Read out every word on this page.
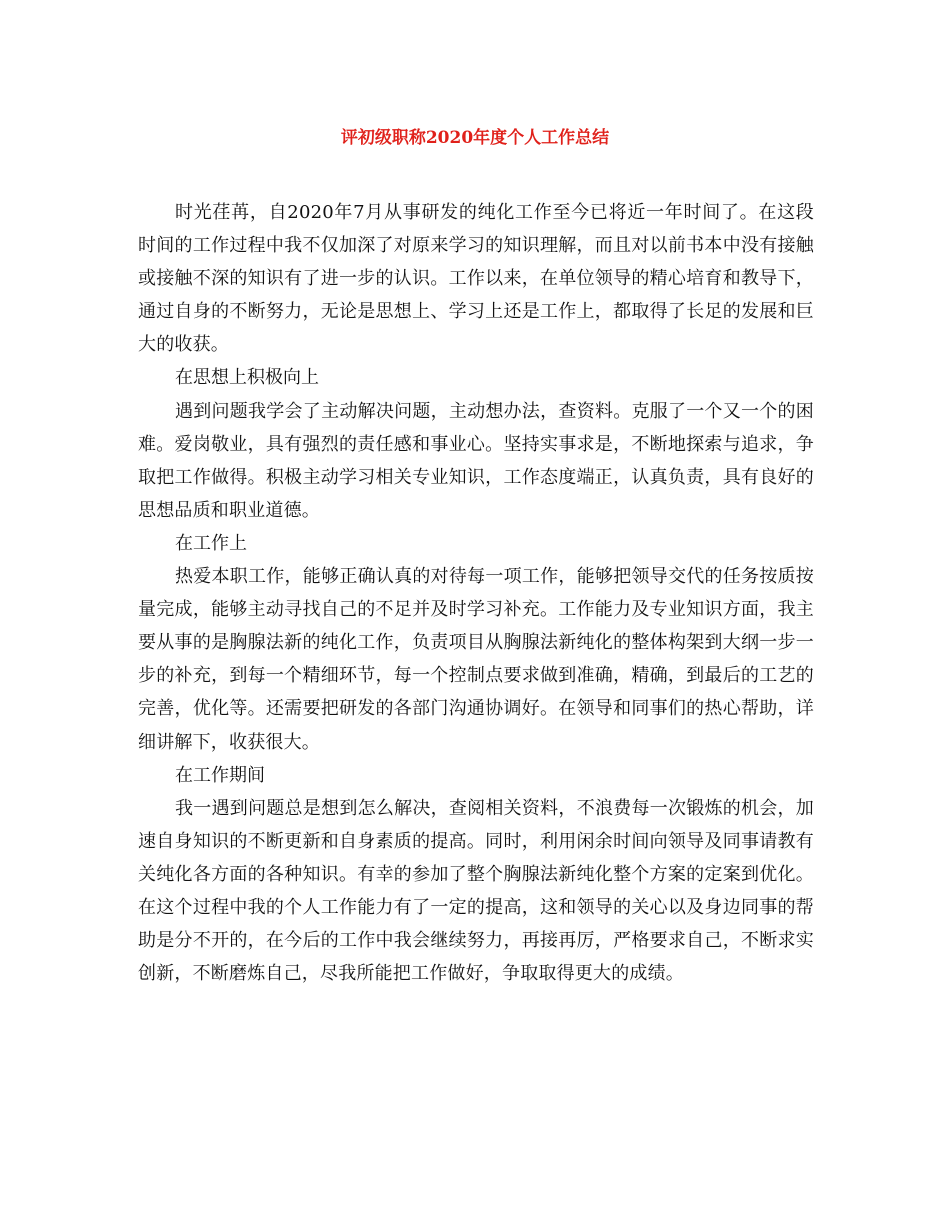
评初级职称2020年度个人工作总结

时光荏苒，自2020年7月从事研发的纯化工作至今已将近一年时间了。在这段时间的工作过程中我不仅加深了对原来学习的知识理解，而且对以前书本中没有接触或接触不深的知识有了进一步的认识。工作以来，在单位领导的精心培育和教导下，通过自身的不断努力，无论是思想上、学习上还是工作上，都取得了长足的发展和巨大的收获。

在思想上积极向上

遇到问题我学会了主动解决问题，主动想办法，查资料。克服了一个又一个的困难。爱岗敬业，具有强烈的责任感和事业心。坚持实事求是，不断地探索与追求，争取把工作做得。积极主动学习相关专业知识，工作态度端正，认真负责，具有良好的思想品质和职业道德。

在工作上

热爱本职工作，能够正确认真的对待每一项工作，能够把领导交代的任务按质按量完成，能够主动寻找自己的不足并及时学习补充。工作能力及专业知识方面，我主要从事的是胸腺法新的纯化工作，负责项目从胸腺法新纯化的整体构架到大纲一步一步的补充，到每一个精细环节，每一个控制点要求做到准确，精确，到最后的工艺的完善，优化等。还需要把研发的各部门沟通协调好。在领导和同事们的热心帮助，详细讲解下，收获很大。

在工作期间

我一遇到问题总是想到怎么解决，查阅相关资料，不浪费每一次锻炼的机会，加速自身知识的不断更新和自身素质的提高。同时，利用闲余时间向领导及同事请教有关纯化各方面的各种知识。有幸的参加了整个胸腺法新纯化整个方案的定案到优化。在这个过程中我的个人工作能力有了一定的提高，这和领导的关心以及身边同事的帮助是分不开的，在今后的工作中我会继续努力，再接再厉，严格要求自己，不断求实创新，不断磨炼自己，尽我所能把工作做好，争取取得更大的成绩。
